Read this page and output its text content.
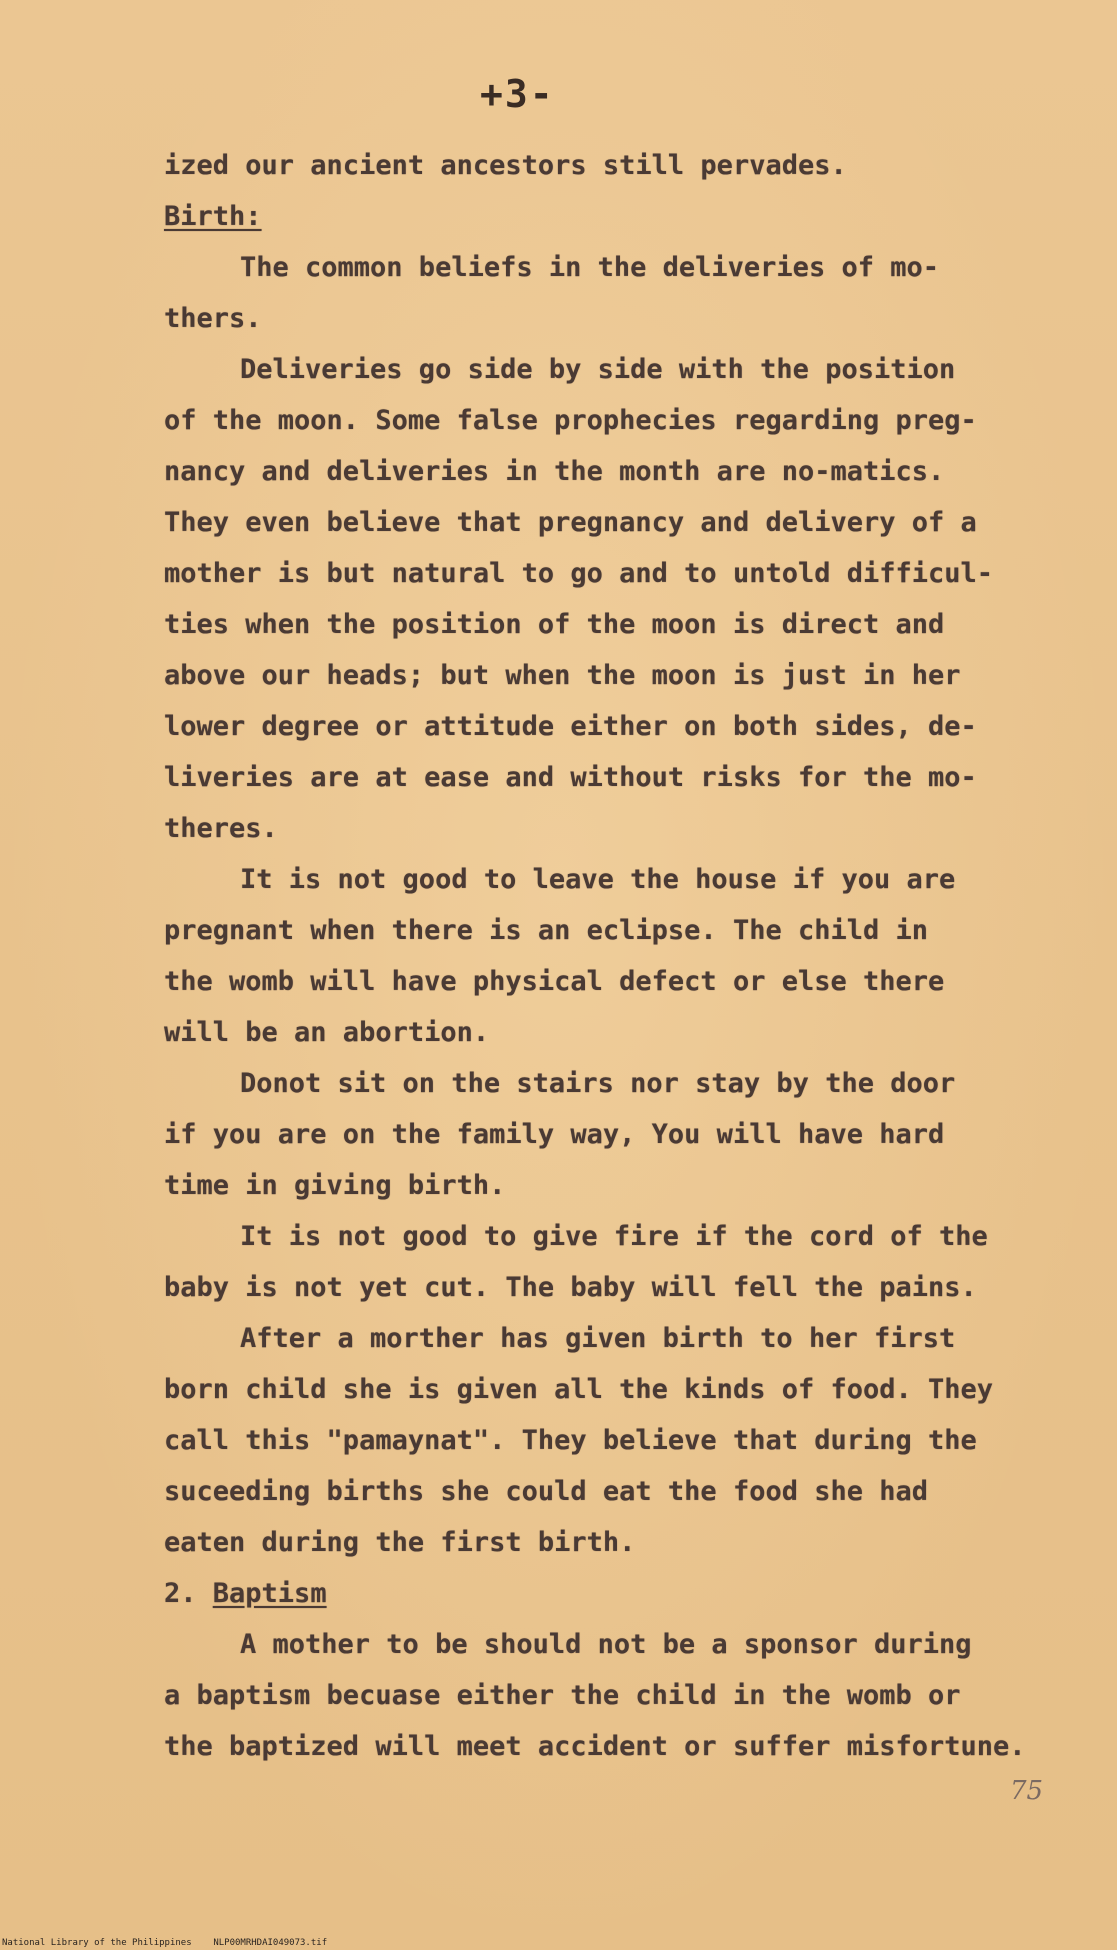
+3-
ized our ancient ancestors still pervades.
Birth:
The common beliefs in the deliveries of mo-
thers.
Deliveries go side by side with the position
of the moon. Some false prophecies regarding preg-
nancy and deliveries in the month are no-matics.
They even believe that pregnancy and delivery of a
mother is but natural to go and to untold difficul-
ties when the position of the moon is direct and
above our heads; but when the moon is just in her
lower degree or attitude either on both sides, de-
liveries are at ease and without risks for the mo-
theres.
It is not good to leave the house if you are
pregnant when there is an eclipse. The child in
the womb will have physical defect or else there
will be an abortion.
Donot sit on the stairs nor stay by the door
if you are on the family way, You will have hard
time in giving birth.
It is not good to give fire if the cord of the
baby is not yet cut. The baby will fell the pains.
After a morther has given birth to her first
born child she is given all the kinds of food. They
call this "pamaynat". They believe that during the
suceeding births she could eat the food she had
eaten during the first birth.
2. Baptism
A mother to be should not be a sponsor during
a baptism becuase either the child in the womb or
the baptized will meet accident or suffer misfortune.
75
National Library of the Philippines    NLP00MRHDAI049073.tif
